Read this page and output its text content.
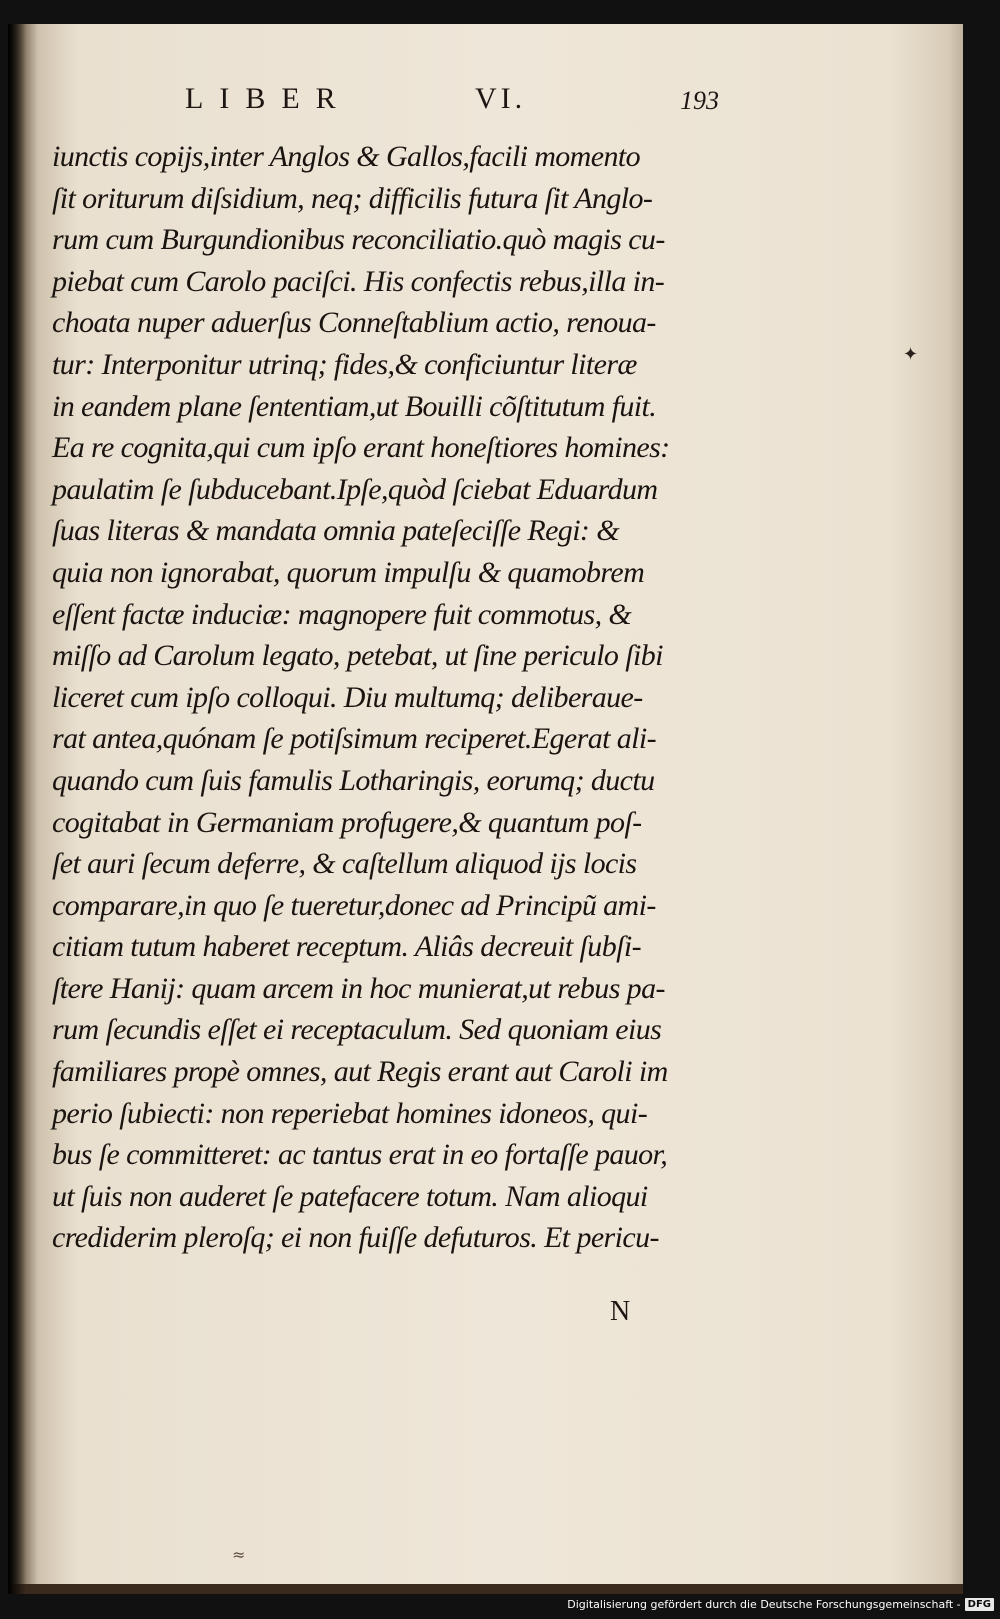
LIBER	VI.	193
iunctis copijs,inter Anglos & Gallos,facili momento
ſit oriturum diſsidium, neq; difficilis futura ſit Anglo-
rum cum Burgundionibus reconciliatio.quò magis cu-
piebat cum Carolo paciſci. His confectis rebus,illa in-
choata nuper aduerſus Conneſtablium actio, renoua-
tur: Interponitur utrinq; fides,& conficiuntur literæ
in eandem plane ſententiam,ut Bouilli cõſtitutum fuit.
Ea re cognita,qui cum ipſo erant honeſtiores homines:
paulatim ſe ſubducebant.Ipſe,quòd ſciebat Eduardum
ſuas literas & mandata omnia pateſeciſſe Regi: &
quia non ignorabat, quorum impulſu & quamobrem
eſſent factæ induciæ: magnopere fuit commotus, &
miſſo ad Carolum legato, petebat, ut ſine periculo ſibi
liceret cum ipſo colloqui. Diu multumq; deliberaue-
rat antea,quónam ſe potiſsimum reciperet.Egerat ali-
quando cum ſuis famulis Lotharingis, eorumq; ductu
cogitabat in Germaniam profugere,& quantum poſ-
ſet auri ſecum deferre, & caſtellum aliquod ijs locis
comparare,in quo ſe tueretur,donec ad Principũ ami-
citiam tutum haberet receptum. Aliâs decreuit ſubſi-
ſtere Hanij: quam arcem in hoc munierat,ut rebus pa-
rum ſecundis eſſet ei receptaculum. Sed quoniam eius
familiares propè omnes, aut Regis erant aut Caroli im
perio ſubiecti: non reperiebat homines idoneos, qui-
bus ſe committeret: ac tantus erat in eo fortaſſe pauor,
ut ſuis non auderet ſe patefacere totum. Nam alioqui
crediderim pleroſq; ei non fuiſſe defuturos. Et pericu-
N
✦
≈
Digitalisierung gefördert durch die Deutsche Forschungsgemeinschaft - DFG
